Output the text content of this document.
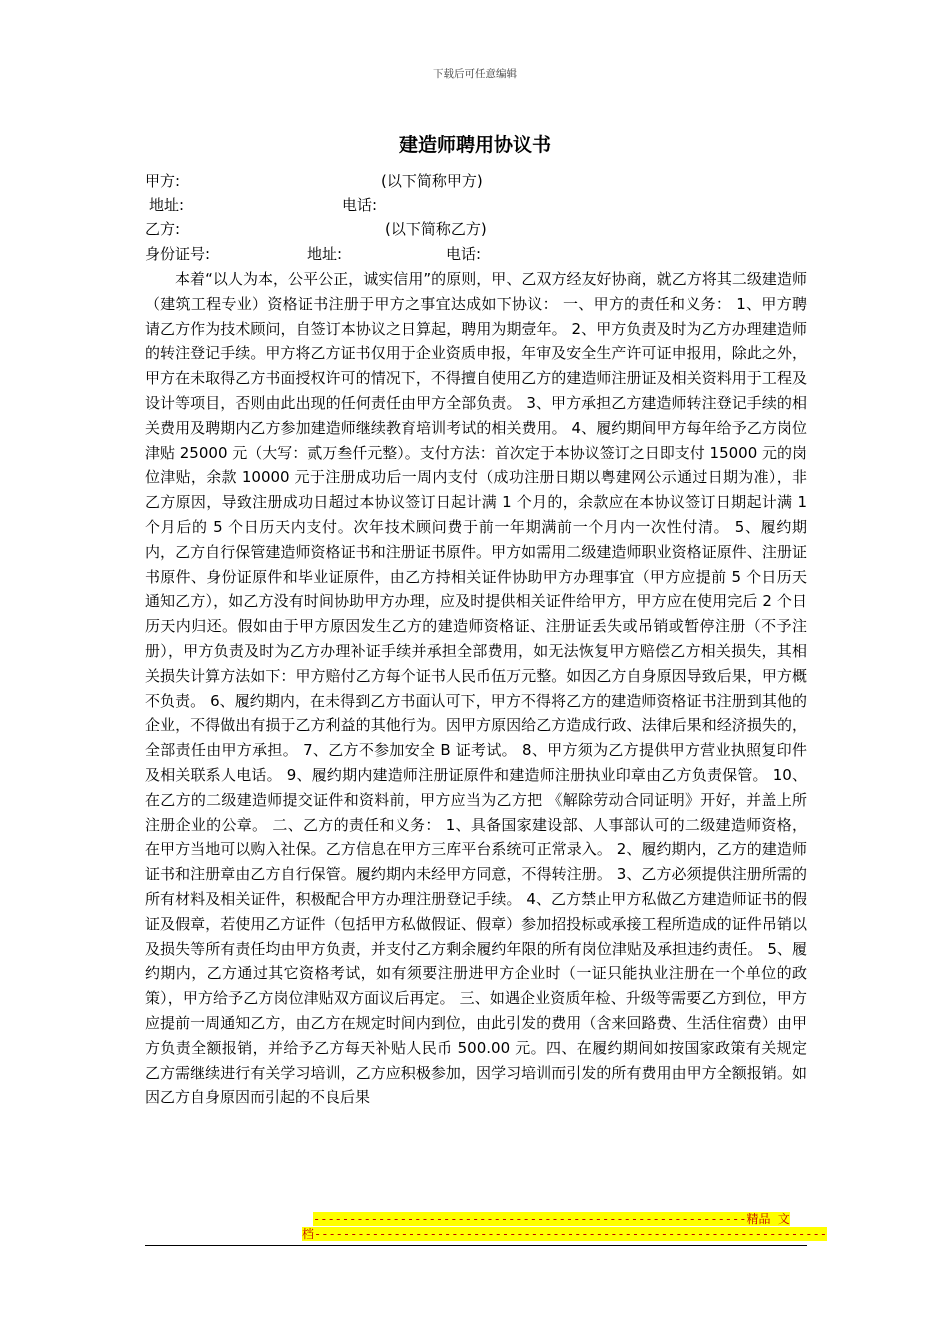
下载后可任意编辑
建造师聘用协议书
甲方:	(以下简称甲方)
地址:	电话:
乙方:	(以下简称乙方)
身份证号:	地址:	电话:

本着“以人为本，公平公正，诚实信用”的原则，甲、乙双方经友好协商，就乙方将其二级建造师（建筑工程专业）资格证书注册于甲方之事宜达成如下协议： 一、甲方的责任和义务： 1、甲方聘请乙方作为技术顾问，自签订本协议之日算起，聘用为期壹年。 2、甲方负责及时为乙方办理建造师的转注登记手续。甲方将乙方证书仅用于企业资质申报，年审及安全生产许可证申报用，除此之外，甲方在未取得乙方书面授权许可的情况下，不得擅自使用乙方的建造师注册证及相关资料用于工程及设计等项目，否则由此出现的任何责任由甲方全部负责。 3、甲方承担乙方建造师转注登记手续的相关费用及聘期内乙方参加建造师继续教育培训考试的相关费用。 4、履约期间甲方每年给予乙方岗位津贴 25000 元（大写：贰万叁仟元整）。支付方法：首次定于本协议签订之日即支付 15000 元的岗位津贴，余款 10000 元于注册成功后一周内支付（成功注册日期以粤建网公示通过日期为准），非乙方原因，导致注册成功日超过本协议签订日起计满 1 个月的，余款应在本协议签订日期起计满 1 个月后的 5 个日历天内支付。次年技术顾问费于前一年期满前一个月内一次性付清。 5、履约期内，乙方自行保管建造师资格证书和注册证书原件。甲方如需用二级建造师职业资格证原件、注册证书原件、身份证原件和毕业证原件，由乙方持相关证件协助甲方办理事宜（甲方应提前 5 个日历天通知乙方），如乙方没有时间协助甲方办理，应及时提供相关证件给甲方，甲方应在使用完后 2 个日历天内归还。假如由于甲方原因发生乙方的建造师资格证、注册证丢失或吊销或暂停注册（不予注册），甲方负责及时为乙方办理补证手续并承担全部费用，如无法恢复甲方赔偿乙方相关损失，其相关损失计算方法如下：甲方赔付乙方每个证书人民币伍万元整。如因乙方自身原因导致后果，甲方概不负责。 6、履约期内，在未得到乙方书面认可下，甲方不得将乙方的建造师资格证书注册到其他的企业，不得做出有损于乙方利益的其他行为。因甲方原因给乙方造成行政、法律后果和经济损失的，全部责任由甲方承担。 7、乙方不参加安全 B 证考试。 8、甲方须为乙方提供甲方营业执照复印件及相关联系人电话。 9、履约期内建造师注册证原件和建造师注册执业印章由乙方负责保管。 10、在乙方的二级建造师提交证件和资料前，甲方应当为乙方把 《解除劳动合同证明》开好，并盖上所注册企业的公章。 二、乙方的责任和义务： 1、具备国家建设部、人事部认可的二级建造师资格，在甲方当地可以购入社保。乙方信息在甲方三库平台系统可正常录入。 2、履约期内，乙方的建造师证书和注册章由乙方自行保管。履约期内未经甲方同意，不得转注册。 3、乙方必须提供注册所需的所有材料及相关证件，积极配合甲方办理注册登记手续。 4、乙方禁止甲方私做乙方建造师证书的假证及假章，若使用乙方证件（包括甲方私做假证、假章）参加招投标或承接工程所造成的证件吊销以及损失等所有责任均由甲方负责，并支付乙方剩余履约年限的所有岗位津贴及承担违约责任。 5、履约期内，乙方通过其它资格考试，如有须要注册进甲方企业时（一证只能执业注册在一个单位的政策），甲方给予乙方岗位津贴双方面议后再定。 三、如遇企业资质年检、升级等需要乙方到位，甲方应提前一周通知乙方，由乙方在规定时间内到位，由此引发的费用（含来回路费、生活住宿费）由甲方负责全额报销，并给予乙方每天补贴人民币 500.00 元。四、在履约期间如按国家政策有关规定乙方需继续进行有关学习培训，乙方应积极参加，因学习培训而引发的所有费用由甲方全额报销。如因乙方自身原因而引起的不良后果

------------------------------------------------------------精品 文
档-----------------------------------------------------------------------
